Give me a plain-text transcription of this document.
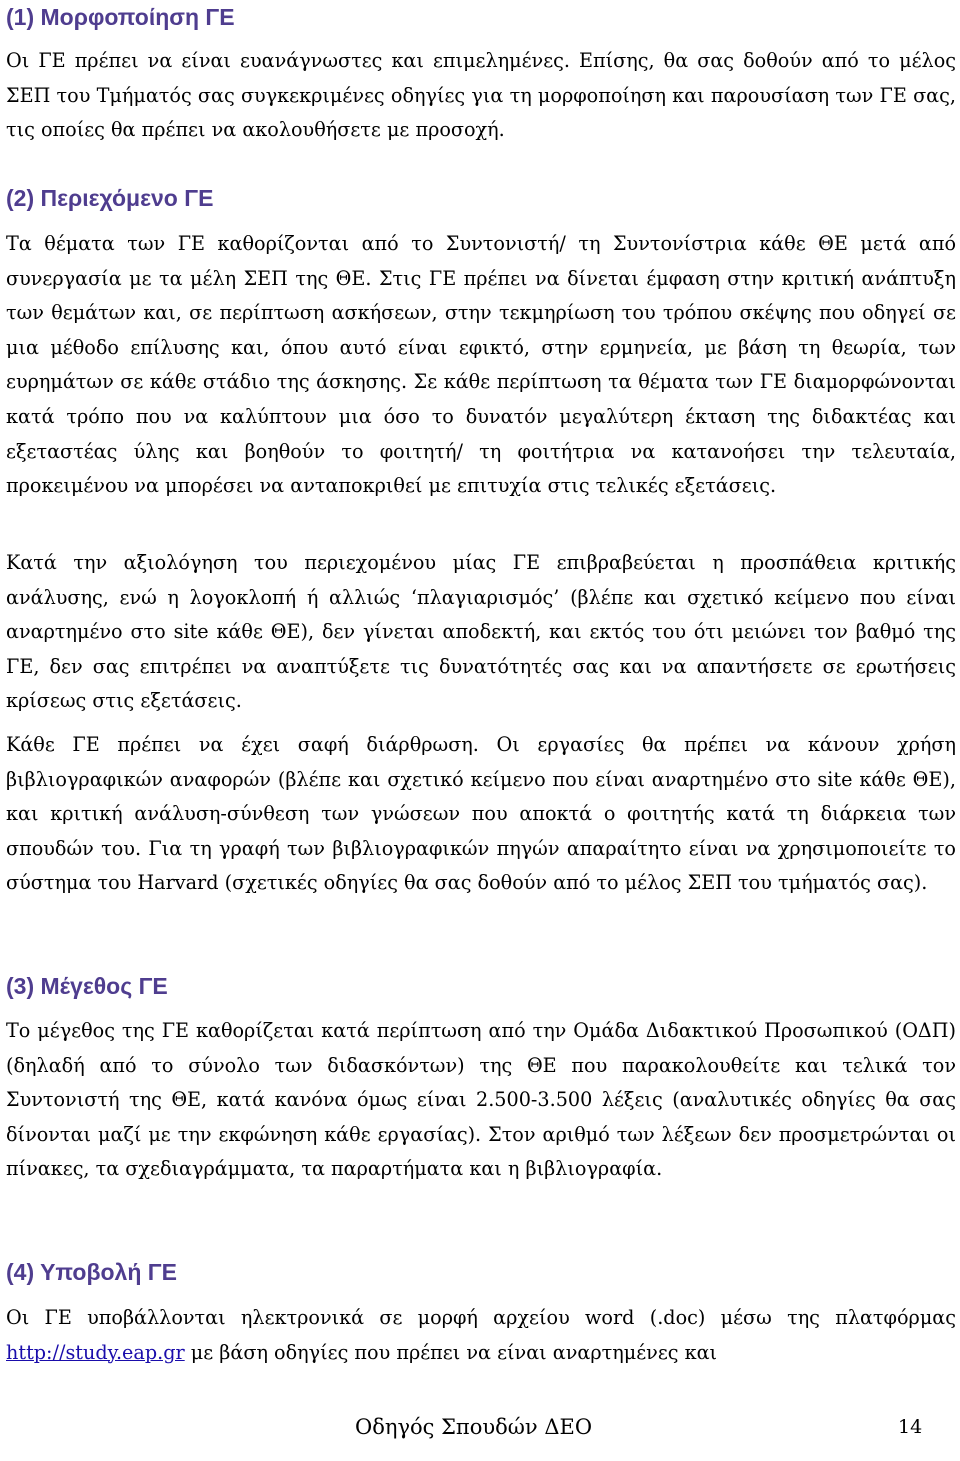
(1) Μορφοποίηση ΓΕ

Οι ΓΕ πρέπει να είναι ευανάγνωστες και επιμελημένες. Επίσης, θα σας δοθούν από το μέλος ΣΕΠ του Τμήματός σας συγκεκριμένες οδηγίες για τη μορφοποίηση και παρουσίαση των ΓΕ σας, τις οποίες θα πρέπει να ακολουθήσετε με προσοχή.

(2) Περιεχόμενο ΓΕ

Τα θέματα των ΓΕ καθορίζονται από το Συντονιστή/ τη Συντονίστρια κάθε ΘΕ μετά από συνεργασία με τα μέλη ΣΕΠ της ΘΕ. Στις ΓΕ πρέπει να δίνεται έμφαση στην κριτική ανάπτυξη των θεμάτων και, σε περίπτωση ασκήσεων, στην τεκμηρίωση του τρόπου σκέψης που οδηγεί σε μια μέθοδο επίλυσης και, όπου αυτό είναι εφικτό, στην ερμηνεία, με βάση τη θεωρία, των ευρημάτων σε κάθε στάδιο της άσκησης. Σε κάθε περίπτωση τα θέματα των ΓΕ διαμορφώνονται κατά τρόπο που να καλύπτουν μια όσο το δυνατόν μεγαλύτερη έκταση της διδακτέας και εξεταστέας ύλης και βοηθούν το φοιτητή/ τη φοιτήτρια να κατανοήσει την τελευταία, προκειμένου να μπορέσει να ανταποκριθεί με επιτυχία στις τελικές εξετάσεις.

Κατά την αξιολόγηση του περιεχομένου μίας ΓΕ επιβραβεύεται η προσπάθεια κριτικής ανάλυσης, ενώ η λογοκλοπή ή αλλιώς ‘πλαγιαρισμός’ (βλέπε και σχετικό κείμενο που είναι αναρτημένο στο site κάθε ΘΕ), δεν γίνεται αποδεκτή, και εκτός του ότι μειώνει τον βαθμό της ΓΕ, δεν σας επιτρέπει να αναπτύξετε τις δυνατότητές σας και να απαντήσετε σε ερωτήσεις κρίσεως στις εξετάσεις.

Κάθε ΓΕ πρέπει να έχει σαφή διάρθρωση. Οι εργασίες θα πρέπει να κάνουν χρήση βιβλιογραφικών αναφορών (βλέπε και σχετικό κείμενο που είναι αναρτημένο στο site κάθε ΘΕ), και κριτική ανάλυση-σύνθεση των γνώσεων που αποκτά ο φοιτητής κατά τη διάρκεια των σπουδών του. Για τη γραφή των βιβλιογραφικών πηγών απαραίτητο είναι να χρησιμοποιείτε το σύστημα του Harvard (σχετικές οδηγίες θα σας δοθούν από το μέλος ΣΕΠ του τμήματός σας).

(3) Μέγεθος ΓΕ

Το μέγεθος της ΓΕ καθορίζεται κατά περίπτωση από την Ομάδα Διδακτικού Προσωπικού (ΟΔΠ) (δηλαδή από το σύνολο των διδασκόντων) της ΘΕ που παρακολουθείτε και τελικά τον Συντονιστή της ΘΕ, κατά κανόνα όμως είναι 2.500-3.500 λέξεις (αναλυτικές οδηγίες θα σας δίνονται μαζί με την εκφώνηση κάθε εργασίας). Στον αριθμό των λέξεων δεν προσμετρώνται οι πίνακες, τα σχεδιαγράμματα, τα παραρτήματα και η βιβλιογραφία.

(4) Υποβολή ΓΕ

Οι ΓΕ υποβάλλονται ηλεκτρονικά σε μορφή αρχείου word (.doc) μέσω της πλατφόρμας http://study.eap.gr με βάση οδηγίες που πρέπει να είναι αναρτημένες και

Οδηγός Σπουδών ΔΕΟ	14
